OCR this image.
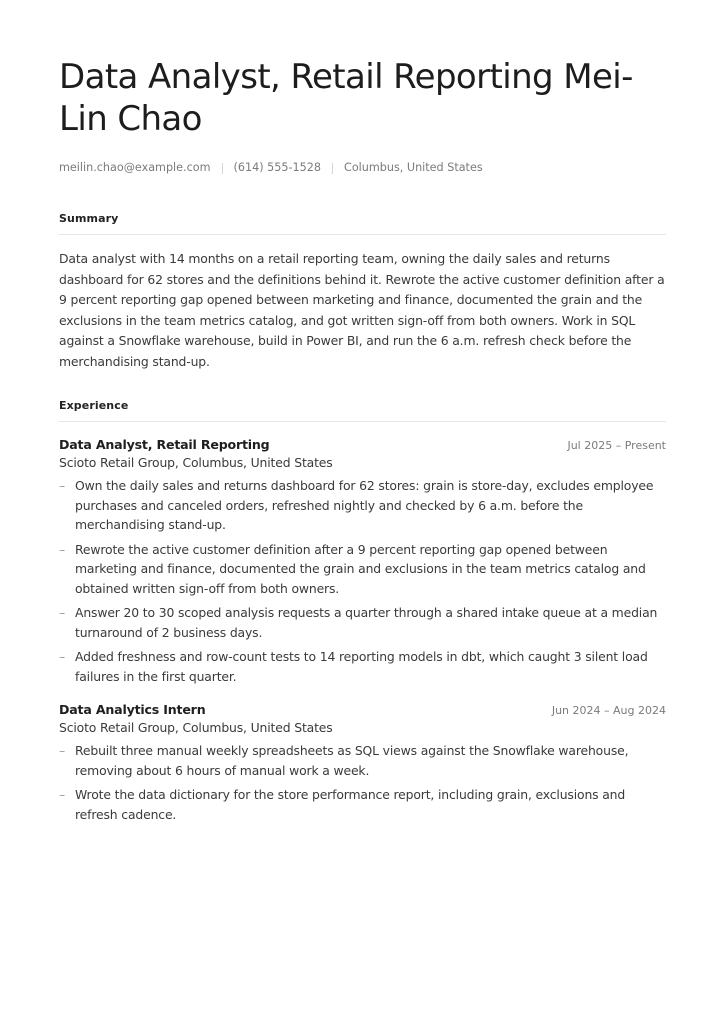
Data Analyst, Retail Reporting Mei-Lin Chao
meilin.chao@example.com (614) 555-1528 Columbus, United States
Summary

Data analyst with 14 months on a retail reporting team, owning the daily sales and returns dashboard for 62 stores and the definitions behind it. Rewrote the active customer definition after a 9 percent reporting gap opened between marketing and finance, documented the grain and the exclusions in the team metrics catalog, and got written sign-off from both owners. Work in SQL against a Snowflake warehouse, build in Power BI, and run the 6 a.m. refresh check before the merchandising stand-up.

Experience
Data Analyst, Retail Reporting	Jul 2025 – Present
Scioto Retail Group, Columbus, United States
– Own the daily sales and returns dashboard for 62 stores: grain is store-day, excludes employee purchases and canceled orders, refreshed nightly and checked by 6 a.m. before the merchandising stand-up.
– Rewrote the active customer definition after a 9 percent reporting gap opened between marketing and finance, documented the grain and exclusions in the team metrics catalog and obtained written sign-off from both owners.
– Answer 20 to 30 scoped analysis requests a quarter through a shared intake queue at a median turnaround of 2 business days.
– Added freshness and row-count tests to 14 reporting models in dbt, which caught 3 silent load failures in the first quarter.
Data Analytics Intern	Jun 2024 – Aug 2024
Scioto Retail Group, Columbus, United States
– Rebuilt three manual weekly spreadsheets as SQL views against the Snowflake warehouse, removing about 6 hours of manual work a week.
– Wrote the data dictionary for the store performance report, including grain, exclusions and refresh cadence.
